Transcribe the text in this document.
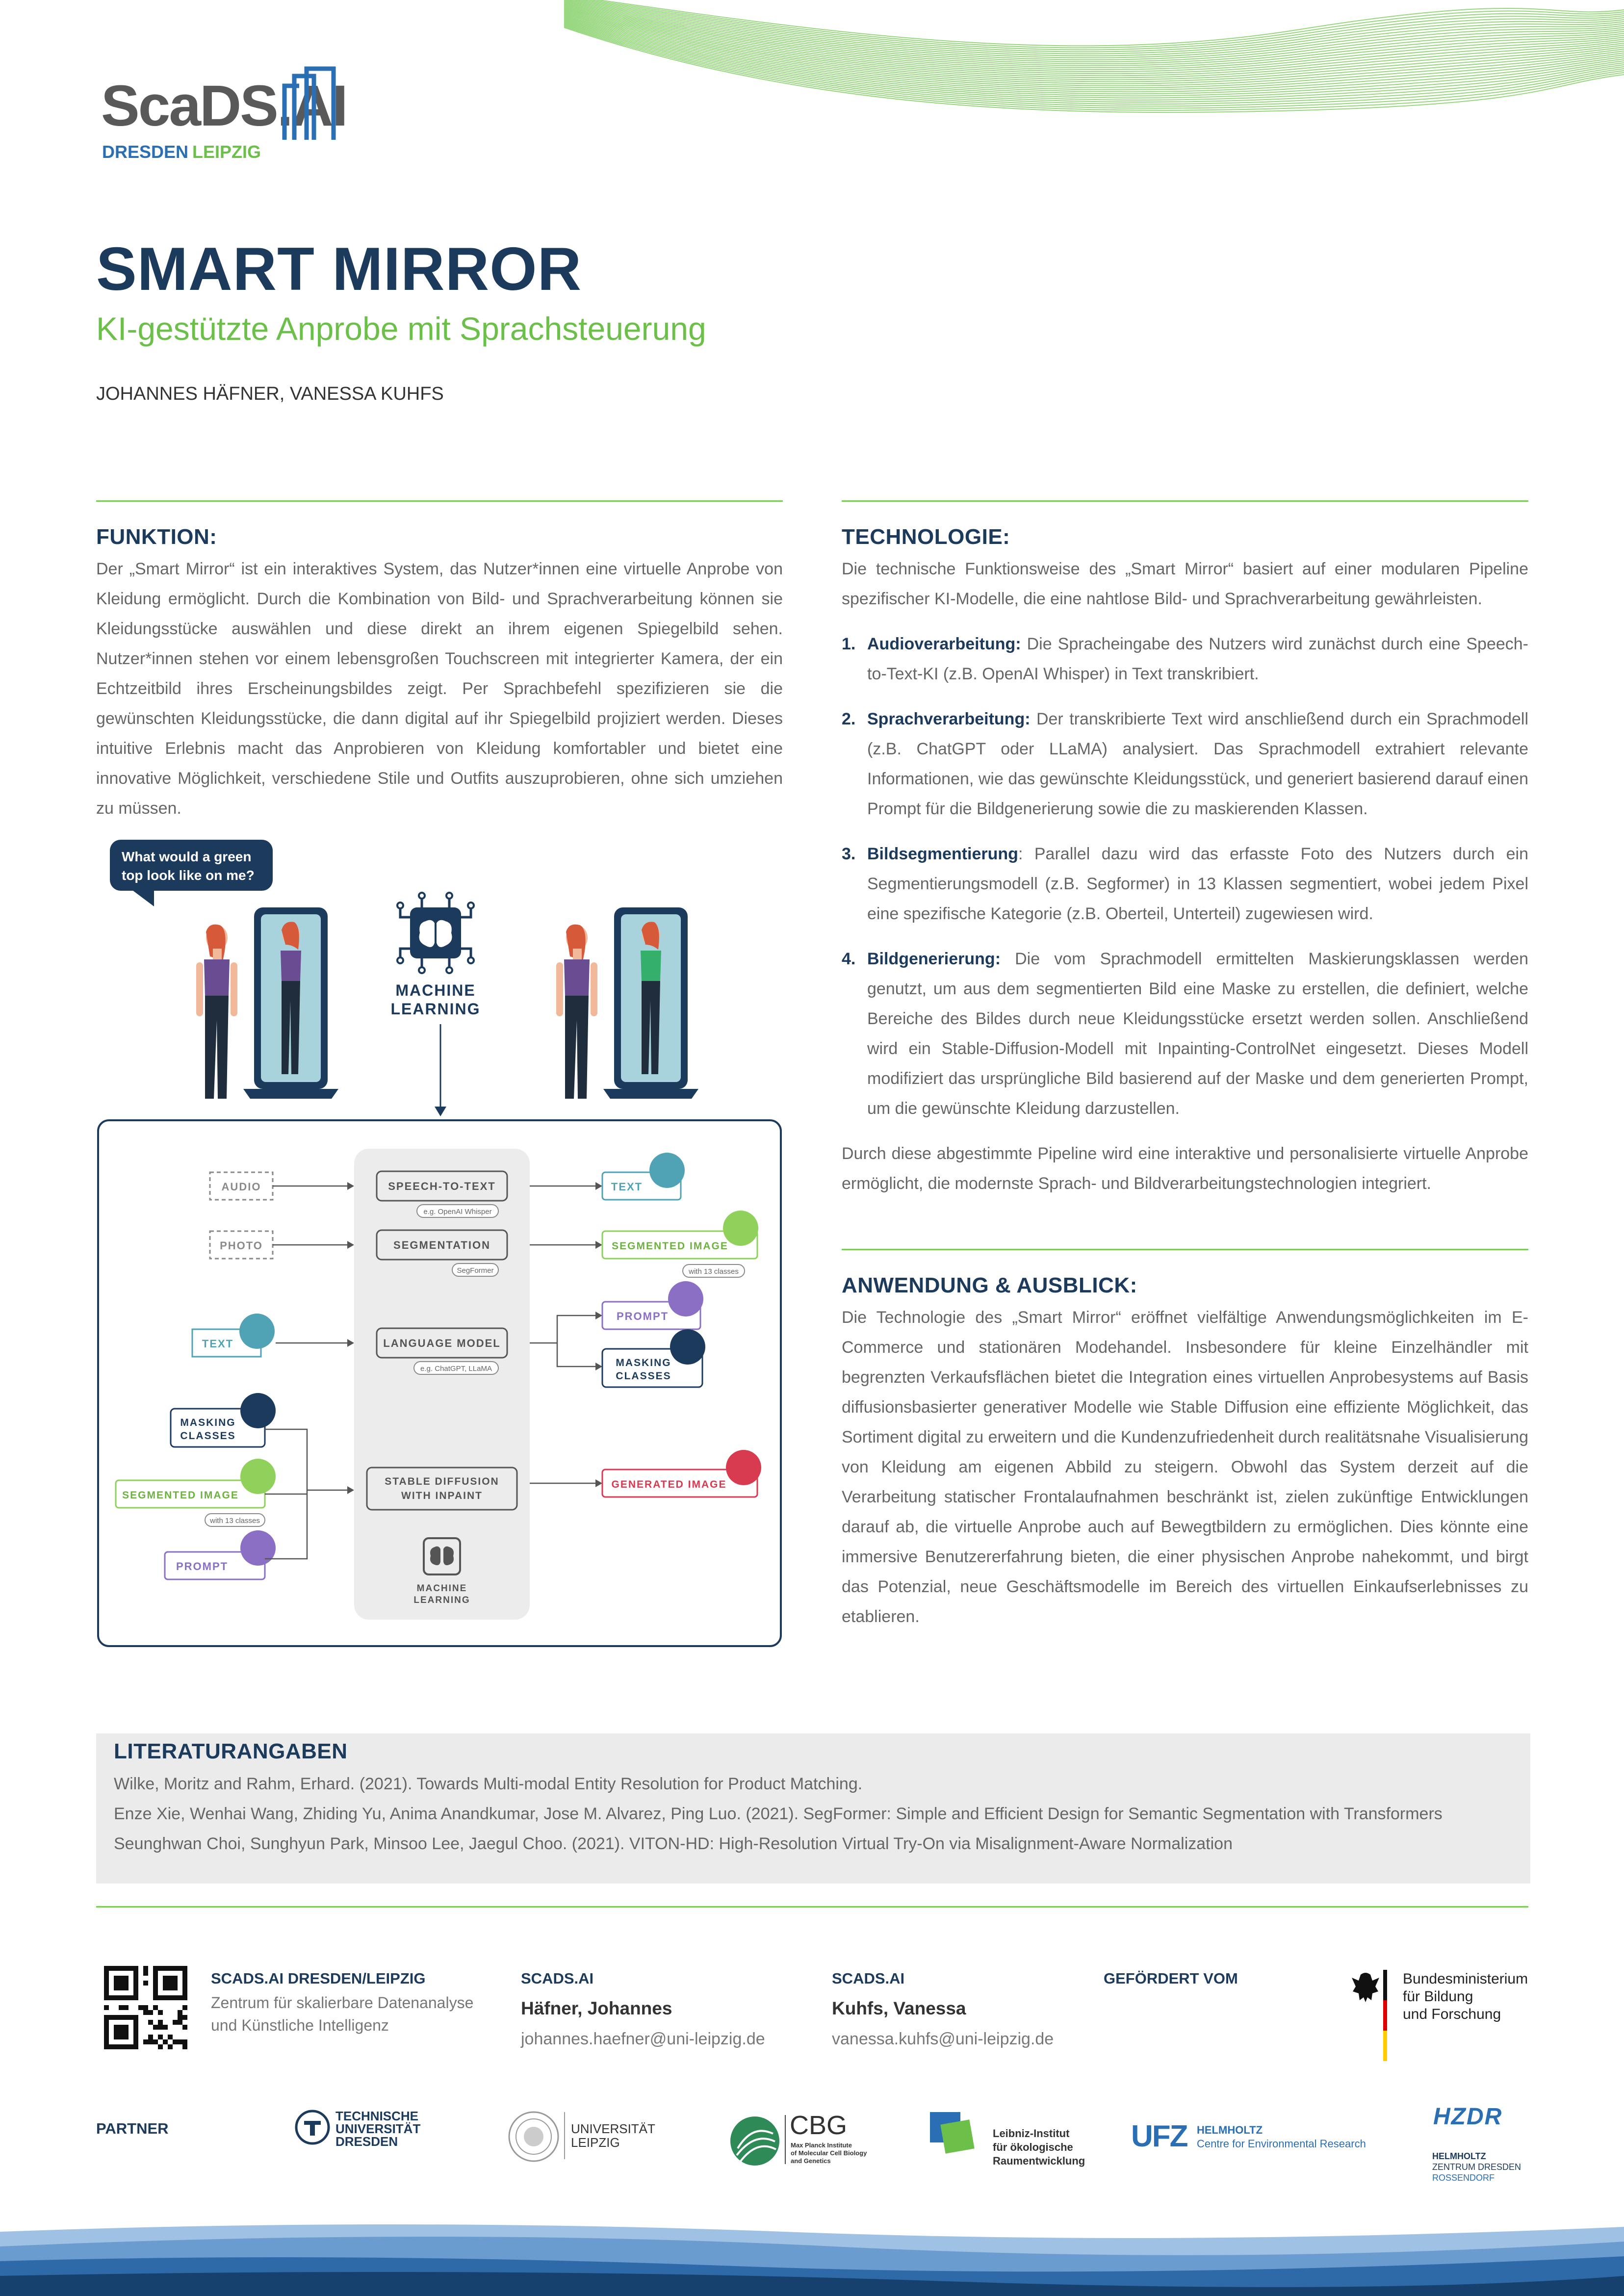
ScaDS.AI
DRESDEN LEIPZIG
SMART MIRROR
KI-gestützte Anprobe mit Sprachsteuerung
JOHANNES HÄFNER, VANESSA KUHFS
FUNKTION:
Der „Smart Mirror“ ist ein interaktives System, das Nutzer*innen eine virtuelle Anprobe von Kleidung ermöglicht. Durch die Kombination von Bild- und Sprachverarbeitung können sie Kleidungsstücke auswählen und diese direkt an ihrem eigenen Spiegelbild sehen. Nutzer*innen stehen vor einem lebensgroßen Touchscreen mit integrierter Kamera, der ein Echtzeitbild ihres Erscheinungsbildes zeigt. Per Sprachbefehl spezifizieren sie die gewünschten Kleidungsstücke, die dann digital auf ihr Spiegelbild projiziert werden. Dieses intuitive Erlebnis macht das Anprobieren von Kleidung komfortabler und bietet eine innovative Möglichkeit, verschiedene Stile und Outfits auszuprobieren, ohne sich umziehen zu müssen.
What would a green
top look like on me?
MACHINE
LEARNING
AUDIO
PHOTO
TEXT
MASKING
CLASSES
SEGMENTED IMAGE
with 13 classes
PROMPT
SPEECH-TO-TEXT
e.g. OpenAI Whisper
SEGMENTATION
SegFormer
LANGUAGE MODEL
e.g. ChatGPT, LLaMA
STABLE DIFFUSION
WITH INPAINT
MACHINE
LEARNING
TEXT
SEGMENTED IMAGE
with 13 classes
PROMPT
MASKING
CLASSES
GENERATED IMAGE
TECHNOLOGIE:
Die technische Funktionsweise des „Smart Mirror“ basiert auf einer modularen Pipeline spezifischer KI-Modelle, die eine nahtlose Bild- und Sprachverarbeitung gewährleisten.
1. Audioverarbeitung: Die Spracheingabe des Nutzers wird zunächst durch eine Speech-to-Text-KI (z.B. OpenAI Whisper) in Text transkribiert.
2. Sprachverarbeitung: Der transkribierte Text wird anschließend durch ein Sprachmodell (z.B. ChatGPT oder LLaMA) analysiert. Das Sprachmodell extrahiert relevante Informationen, wie das gewünschte Kleidungsstück, und generiert basierend darauf einen Prompt für die Bildgenerierung sowie die zu maskierenden Klassen.
3. Bildsegmentierung: Parallel dazu wird das erfasste Foto des Nutzers durch ein Segmentierungsmodell (z.B. Segformer) in 13 Klassen segmentiert, wobei jedem Pixel eine spezifische Kategorie (z.B. Oberteil, Unterteil) zugewiesen wird.
4. Bildgenerierung: Die vom Sprachmodell ermittelten Maskierungsklassen werden genutzt, um aus dem segmentierten Bild eine Maske zu erstellen, die definiert, welche Bereiche des Bildes durch neue Kleidungsstücke ersetzt werden sollen. Anschließend wird ein Stable-Diffusion-Modell mit Inpainting-ControlNet eingesetzt. Dieses Modell modifiziert das ursprüngliche Bild basierend auf der Maske und dem generierten Prompt, um die gewünschte Kleidung darzustellen.
Durch diese abgestimmte Pipeline wird eine interaktive und personalisierte virtuelle Anprobe ermöglicht, die modernste Sprach- und Bildverarbeitungstechnologien integriert.
ANWENDUNG & AUSBLICK:
Die Technologie des „Smart Mirror“ eröffnet vielfältige Anwendungsmöglichkeiten im E-Commerce und stationären Modehandel. Insbesondere für kleine Einzelhändler mit begrenzten Verkaufsflächen bietet die Integration eines virtuellen Anprobesystems auf Basis diffusionsbasierter generativer Modelle wie Stable Diffusion eine effiziente Möglichkeit, das Sortiment digital zu erweitern und die Kundenzufriedenheit durch realitätsnahe Visualisierung von Kleidung am eigenen Abbild zu steigern. Obwohl das System derzeit auf die Verarbeitung statischer Frontalaufnahmen beschränkt ist, zielen zukünftige Entwicklungen darauf ab, die virtuelle Anprobe auch auf Bewegtbildern zu ermöglichen. Dies könnte eine immersive Benutzererfahrung bieten, die einer physischen Anprobe nahekommt, und birgt das Potenzial, neue Geschäftsmodelle im Bereich des virtuellen Einkaufserlebnisses zu etablieren.
LITERATURANGABEN
Wilke, Moritz and Rahm, Erhard. (2021). Towards Multi-modal Entity Resolution for Product Matching.
Enze Xie, Wenhai Wang, Zhiding Yu, Anima Anandkumar, Jose M. Alvarez, Ping Luo. (2021). SegFormer: Simple and Efficient Design for Semantic Segmentation with Transformers
Seunghwan Choi, Sunghyun Park, Minsoo Lee, Jaegul Choo. (2021). VITON-HD: High-Resolution Virtual Try-On via Misalignment-Aware Normalization
SCADS.AI DRESDEN/LEIPZIG
Zentrum für skalierbare Datenanalyse
und Künstliche Intelligenz
SCADS.AI
Häfner, Johannes
johannes.haefner@uni-leipzig.de
SCADS.AI
Kuhfs, Vanessa
vanessa.kuhfs@uni-leipzig.de
GEFÖRDERT VOM	Bundesministerium
für Bildung
und Forschung
PARTNER
TECHNISCHE
UNIVERSITÄT
DRESDEN
UNIVERSITÄT
LEIPZIG
CBG
Max Planck Institute
of Molecular Cell Biology
and Genetics
Leibniz-Institut
für ökologische
Raumentwicklung
UFZ HELMHOLTZ
Centre for Environmental Research
HZDR
HELMHOLTZ
ZENTRUM DRESDEN
ROSSENDORF
